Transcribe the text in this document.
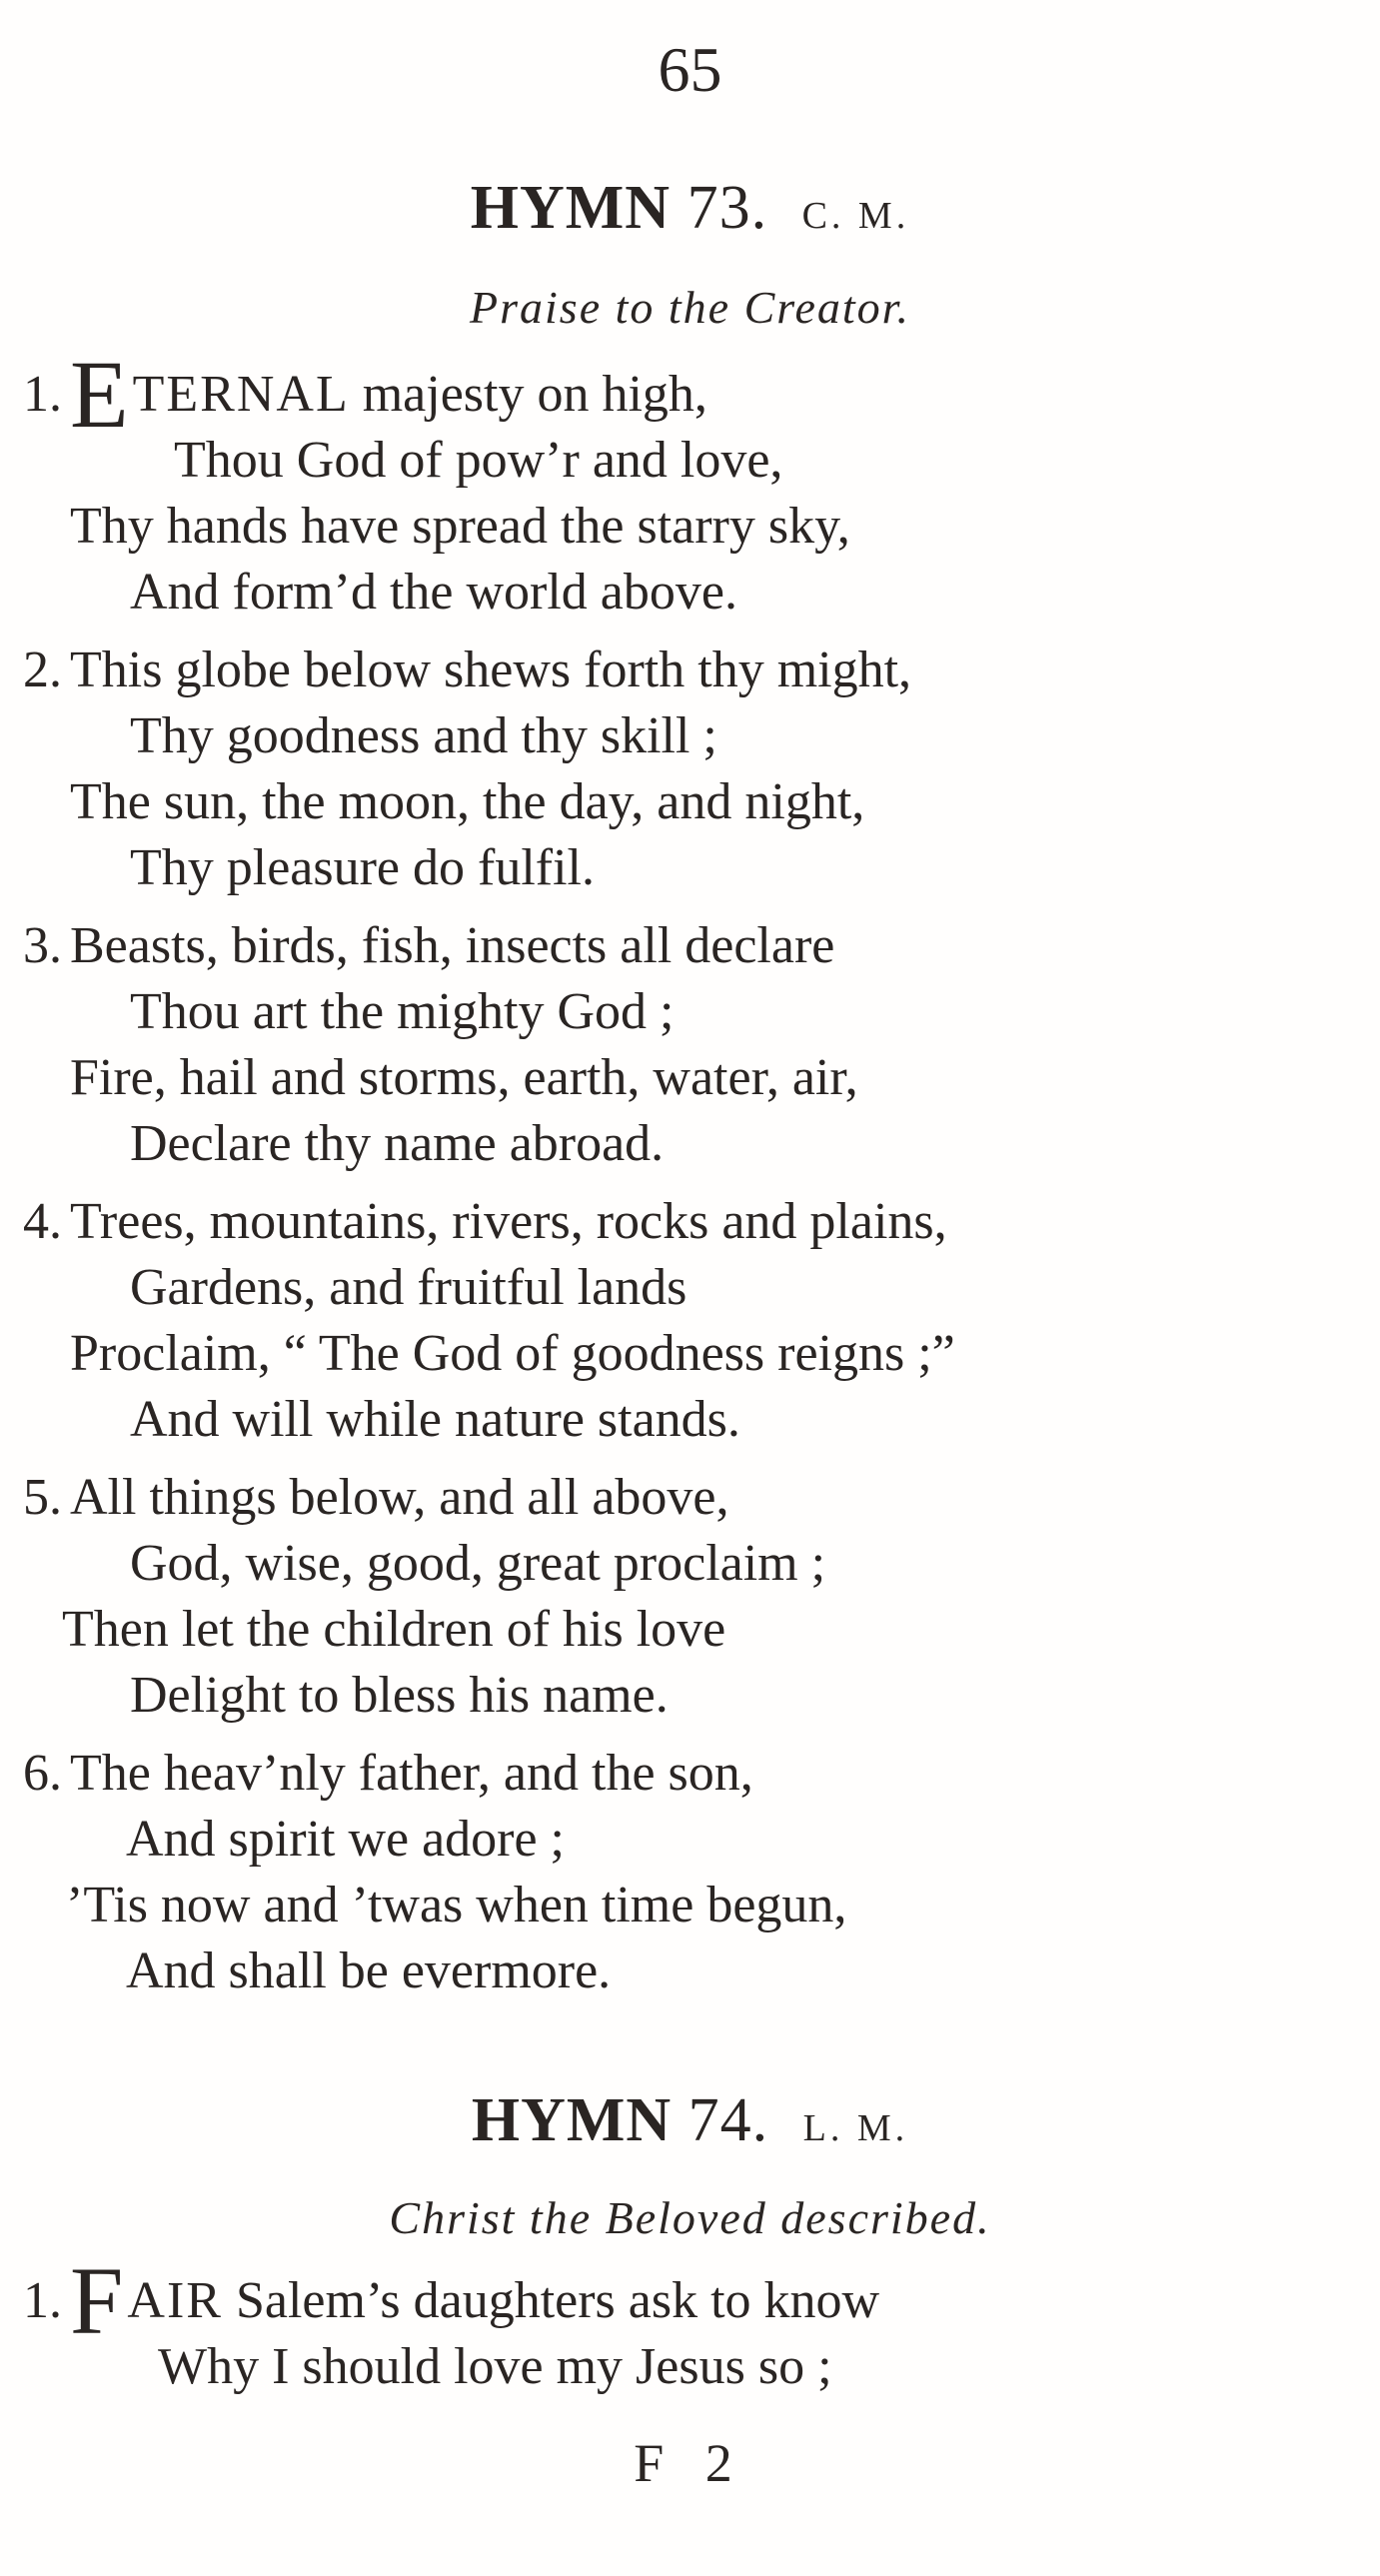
65
HYMN 73. C. M.
Praise to the Creator.
1. ETERNAL majesty on high,
Thou God of pow’r and love,
Thy hands have spread the starry sky,
And form’d the world above.
2. This globe below shews forth thy might,
Thy goodness and thy skill ;
The sun, the moon, the day, and night,
Thy pleasure do fulfil.
3. Beasts, birds, fish, insects all declare
Thou art the mighty God ;
Fire, hail and storms, earth, water, air,
Declare thy name abroad.
4. Trees, mountains, rivers, rocks and plains,
Gardens, and fruitful lands
Proclaim, “ The God of goodness reigns ;”
And will while nature stands.
5. All things below, and all above,
God, wise, good, great proclaim ;
Then let the children of his love
Delight to bless his name.
6. The heav’nly father, and the son,
And spirit we adore ;
’Tis now and ’twas when time begun,
And shall be evermore.
HYMN 74. L. M.
Christ the Beloved described.
1. FAIR Salem’s daughters ask to know
Why I should love my Jesus so ;
F 2
